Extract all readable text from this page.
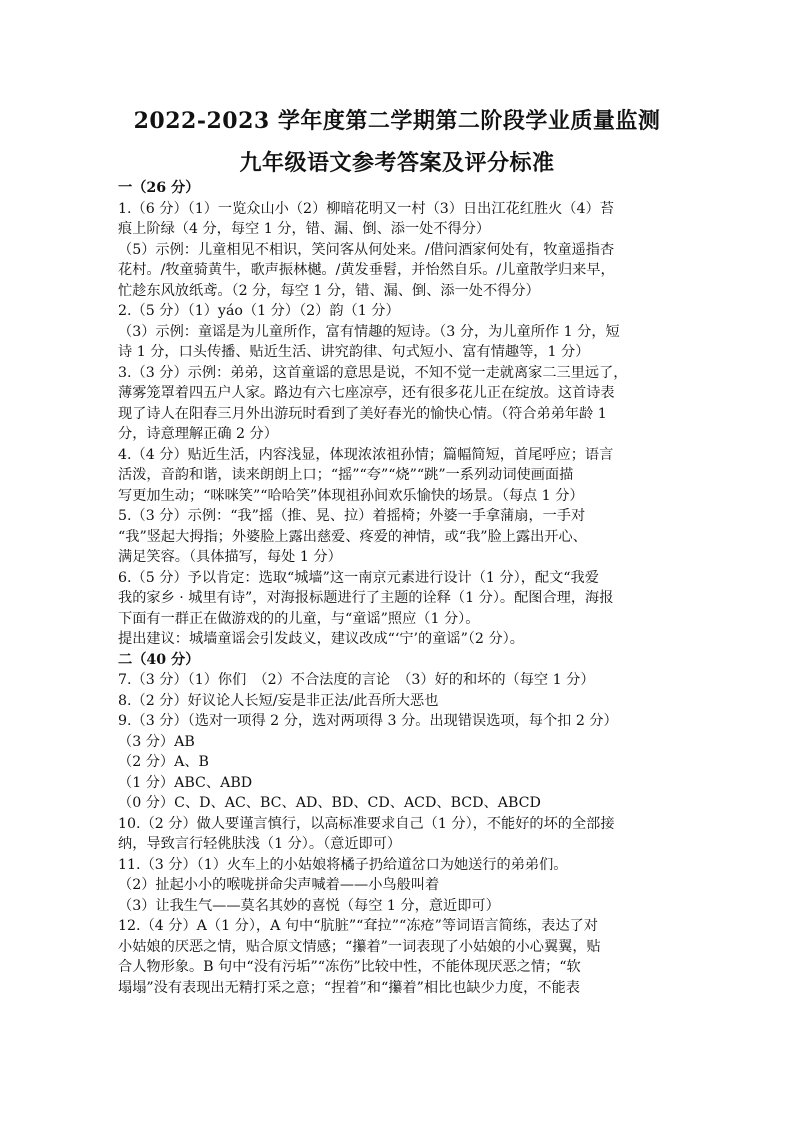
2022-2023 学年度第二学期第二阶段学业质量监测
九年级语文参考答案及评分标准
一（26 分）
1.（6 分）（1）一览众山小（2）柳暗花明又一村（3）日出江花红胜火（4）苔
痕上阶绿（4 分，每空 1 分，错、漏、倒、添一处不得分）
（5）示例：儿童相见不相识，笑问客从何处来。/借问酒家何处有，牧童遥指杏
花村。/牧童骑黄牛，歌声振林樾。/黄发垂髫，并怡然自乐。/儿童散学归来早，
忙趁东风放纸鸢。（2 分，每空 1 分，错、漏、倒、添一处不得分）
2.（5 分）（1）yáo（1 分）（2）韵（1 分）
（3）示例：童谣是为儿童所作，富有情趣的短诗。（3 分，为儿童所作 1 分，短
诗 1 分，口头传播、贴近生活、讲究韵律、句式短小、富有情趣等，1 分）
3.（3 分）示例：弟弟，这首童谣的意思是说，不知不觉一走就离家二三里远了，
薄雾笼罩着四五户人家。路边有六七座凉亭，还有很多花儿正在绽放。这首诗表
现了诗人在阳春三月外出游玩时看到了美好春光的愉快心情。（符合弟弟年龄 1
分，诗意理解正确 2 分）
4.（4 分）贴近生活，内容浅显，体现浓浓祖孙情；篇幅简短，首尾呼应；语言
活泼，音韵和谐，读来朗朗上口；“摇”“夸”“烧”“跳”一系列动词使画面描
写更加生动；“咪咪笑”“哈哈笑”体现祖孙间欢乐愉快的场景。（每点 1 分）
5.（3 分）示例：“我”摇（推、晃、拉）着摇椅；外婆一手拿蒲扇，一手对
“我”竖起大拇指；外婆脸上露出慈爱、疼爱的神情，或“我”脸上露出开心、
满足笑容。（具体描写，每处 1 分）
6.（5 分）予以肯定：选取“城墙”这一南京元素进行设计（1 分），配文“我爱
我的家乡 · 城里有诗”，对海报标题进行了主题的诠释（1 分）。配图合理，海报
下面有一群正在做游戏的的儿童，与“童谣”照应（1 分）。
提出建议：城墙童谣会引发歧义，建议改成“‘宁’的童谣”（2 分）。
二（40 分）
7.（3 分）（1）你们　（2）不合法度的言论　（3）好的和坏的（每空 1 分）
8.（2 分）好议论人长短/妄是非正法/此吾所大恶也
9.（3 分）（选对一项得 2 分，选对两项得 3 分。出现错误选项，每个扣 2 分）
（3 分）AB
（2 分）A、B
（1 分）ABC、ABD
（0 分）C、D、AC、BC、AD、BD、CD、ACD、BCD、ABCD
10.（2 分）做人要谨言慎行，以高标准要求自己（1 分），不能好的坏的全部接
纳，导致言行轻佻肤浅（1 分）。（意近即可）
11.（3 分）（1）火车上的小姑娘将橘子扔给道岔口为她送行的弟弟们。
（2）扯起小小的喉咙拼命尖声喊着——小鸟般叫着
（3）让我生气——莫名其妙的喜悦（每空 1 分，意近即可）
12.（4 分）A（1 分），A 句中“肮脏”“耷拉”“冻疮”等词语言简练，表达了对
小姑娘的厌恶之情，贴合原文情感；“攥着”一词表现了小姑娘的小心翼翼，贴
合人物形象。B 句中“没有污垢”“冻伤”比较中性，不能体现厌恶之情；“软
塌塌”没有表现出无精打采之意；“捏着”和“攥着”相比也缺少力度，不能表
